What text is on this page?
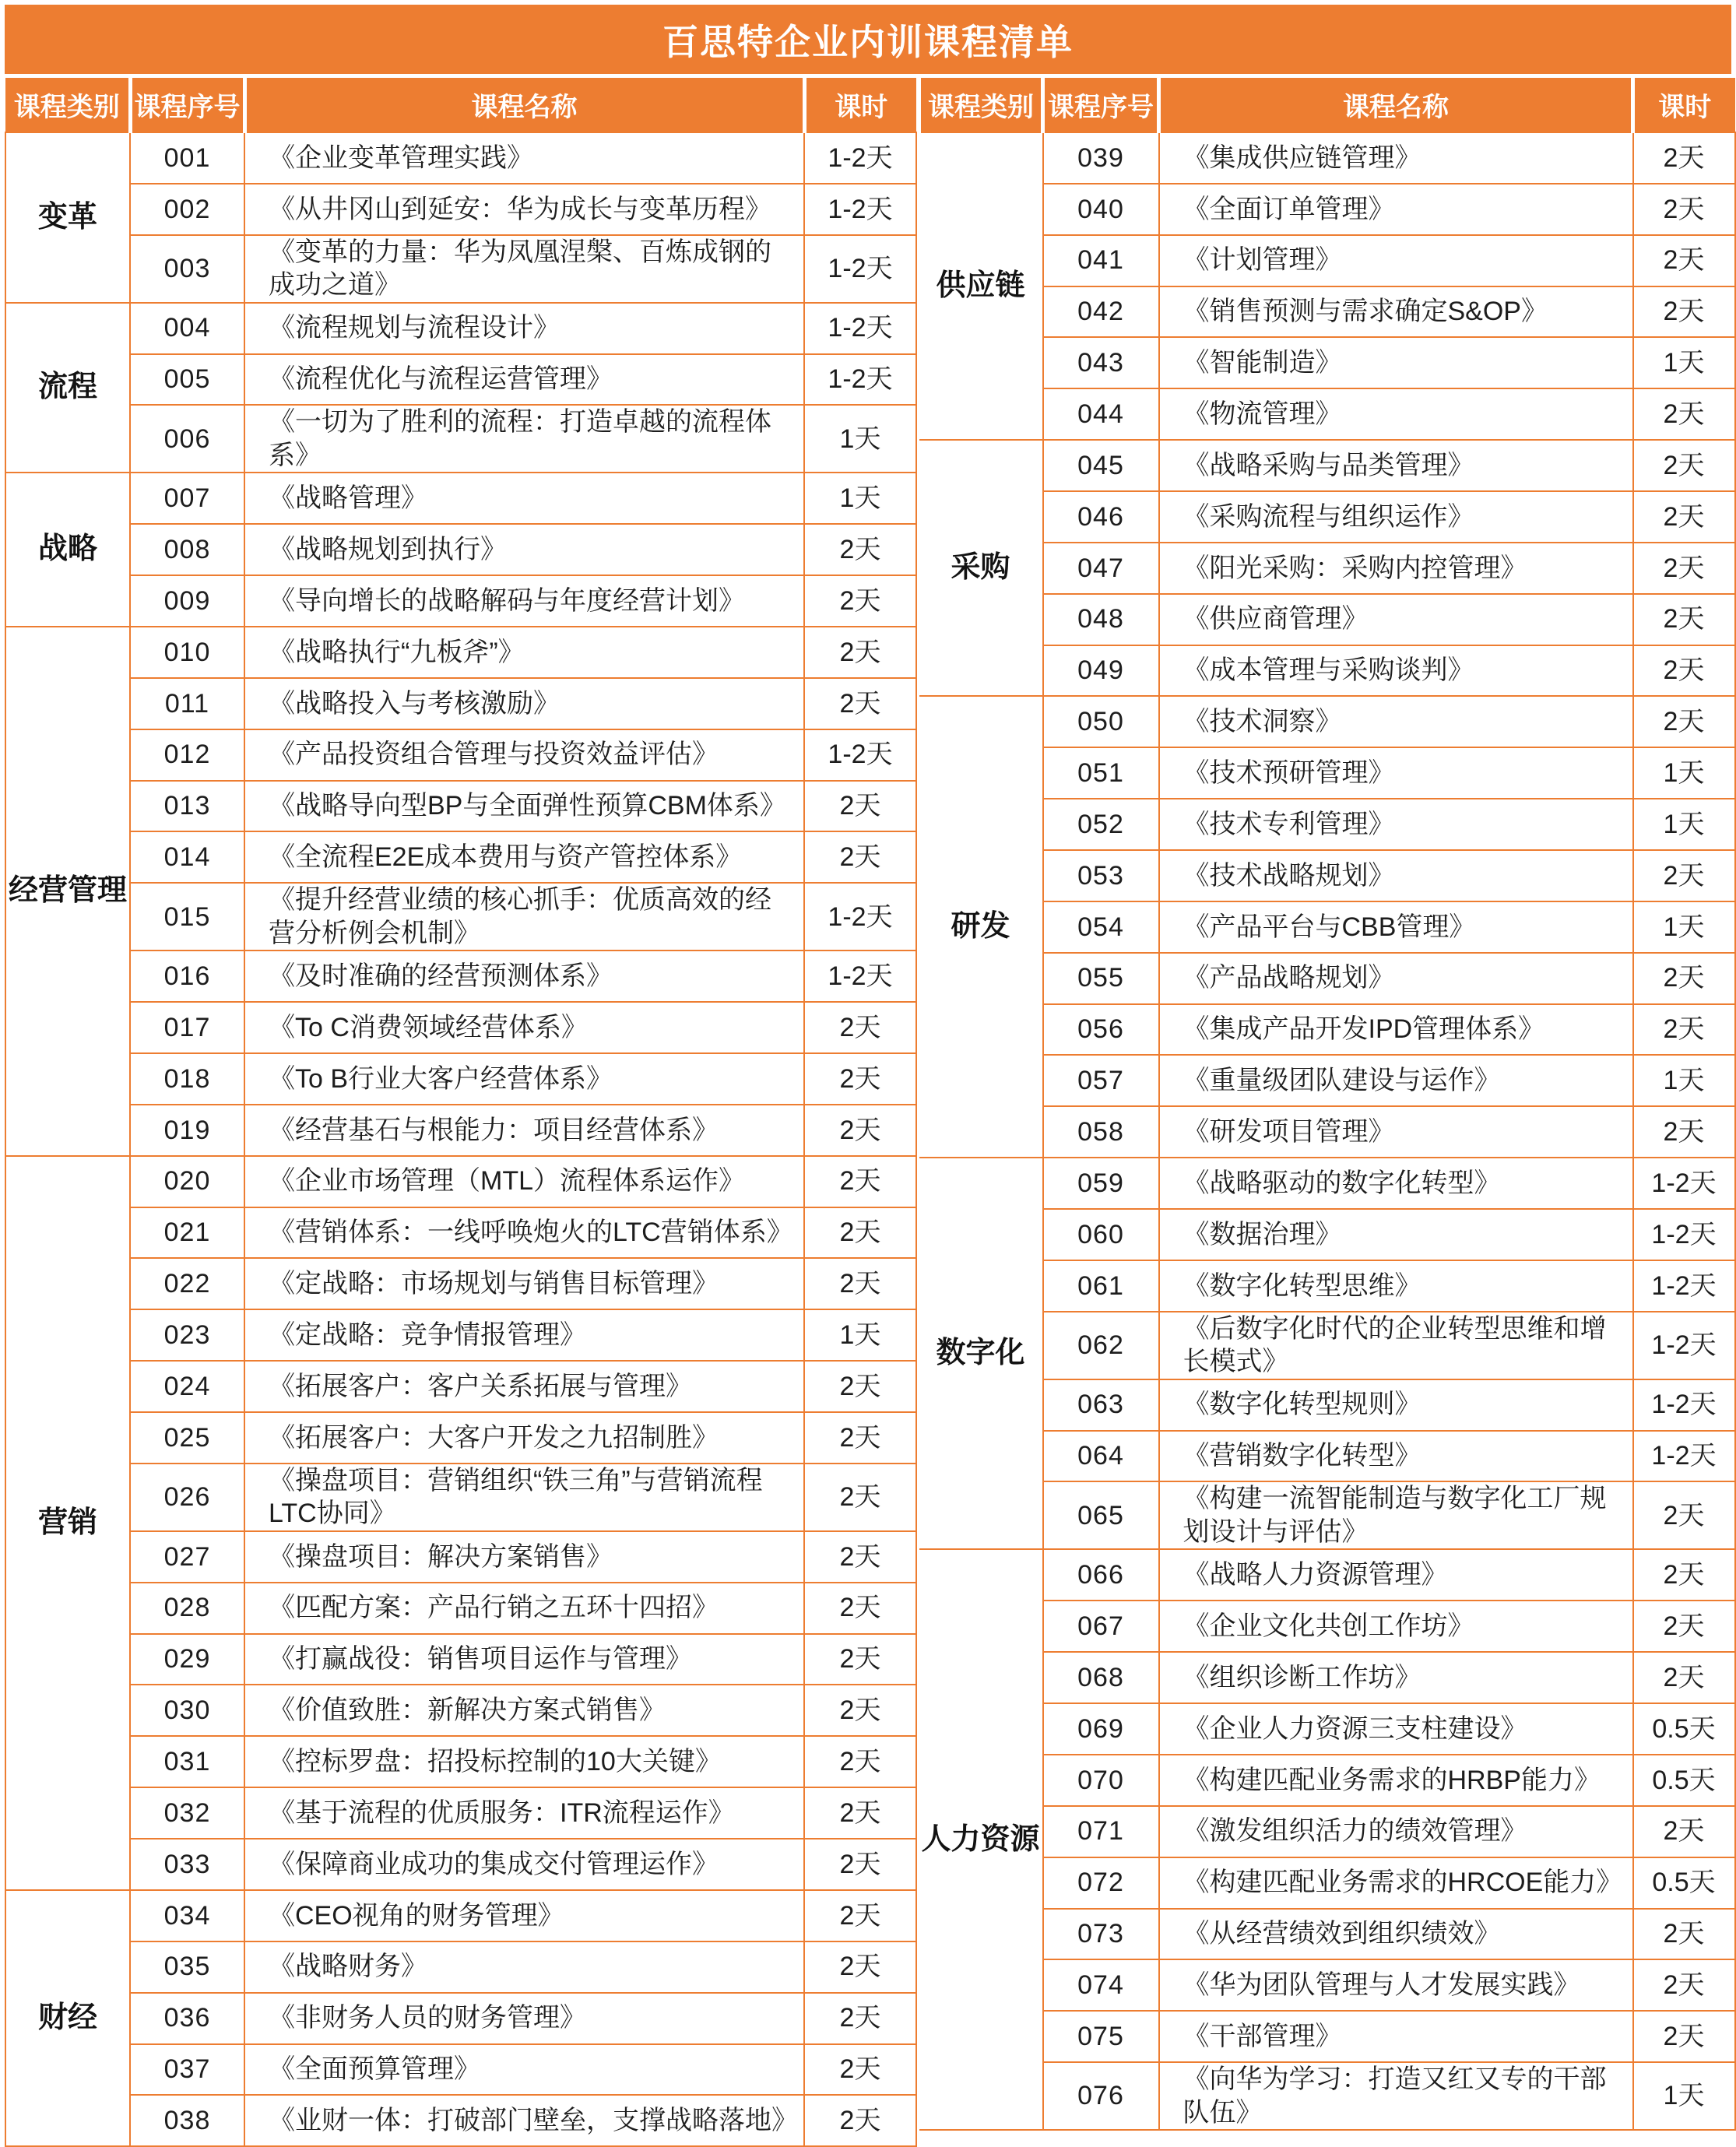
百思特企业内训课程清单
课程类别	课程序号	课程名称	课时
变革	001	《企业变革管理实践》	1-2天
	002	《从井冈山到延安：华为成长与变革历程》	1-2天
	003	《变革的力量：华为凤凰涅槃、百炼成钢的成功之道》	1-2天
流程	004	《流程规划与流程设计》	1-2天
	005	《流程优化与流程运营管理》	1-2天
	006	《一切为了胜利的流程：打造卓越的流程体系》	1天
战略	007	《战略管理》	1天
	008	《战略规划到执行》	2天
	009	《导向增长的战略解码与年度经营计划》	2天
经营管理	010	《战略执行“九板斧”》	2天
	011	《战略投入与考核激励》	2天
	012	《产品投资组合管理与投资效益评估》	1-2天
	013	《战略导向型BP与全面弹性预算CBM体系》	2天
	014	《全流程E2E成本费用与资产管控体系》	2天
	015	《提升经营业绩的核心抓手：优质高效的经营分析例会机制》	1-2天
	016	《及时准确的经营预测体系》	1-2天
	017	《To C消费领域经营体系》	2天
	018	《To B行业大客户经营体系》	2天
	019	《经营基石与根能力：项目经营体系》	2天
营销	020	《企业市场管理（MTL）流程体系运作》	2天
	021	《营销体系：一线呼唤炮火的LTC营销体系》	2天
	022	《定战略：市场规划与销售目标管理》	2天
	023	《定战略：竞争情报管理》	1天
	024	《拓展客户：客户关系拓展与管理》	2天
	025	《拓展客户：大客户开发之九招制胜》	2天
	026	《操盘项目：营销组织“铁三角”与营销流程LTC协同》	2天
	027	《操盘项目：解决方案销售》	2天
	028	《匹配方案：产品行销之五环十四招》	2天
	029	《打赢战役：销售项目运作与管理》	2天
	030	《价值致胜：新解决方案式销售》	2天
	031	《控标罗盘：招投标控制的10大关键》	2天
	032	《基于流程的优质服务：ITR流程运作》	2天
	033	《保障商业成功的集成交付管理运作》	2天
财经	034	《CEO视角的财务管理》	2天
	035	《战略财务》	2天
	036	《非财务人员的财务管理》	2天
	037	《全面预算管理》	2天
	038	《业财一体：打破部门壁垒，支撑战略落地》	2天
课程类别	课程序号	课程名称	课时
供应链	039	《集成供应链管理》	2天
	040	《全面订单管理》	2天
	041	《计划管理》	2天
	042	《销售预测与需求确定S&OP》	2天
	043	《智能制造》	1天
	044	《物流管理》	2天
采购	045	《战略采购与品类管理》	2天
	046	《采购流程与组织运作》	2天
	047	《阳光采购：采购内控管理》	2天
	048	《供应商管理》	2天
	049	《成本管理与采购谈判》	2天
研发	050	《技术洞察》	2天
	051	《技术预研管理》	1天
	052	《技术专利管理》	1天
	053	《技术战略规划》	2天
	054	《产品平台与CBB管理》	1天
	055	《产品战略规划》	2天
	056	《集成产品开发IPD管理体系》	2天
	057	《重量级团队建设与运作》	1天
	058	《研发项目管理》	2天
数字化	059	《战略驱动的数字化转型》	1-2天
	060	《数据治理》	1-2天
	061	《数字化转型思维》	1-2天
	062	《后数字化时代的企业转型思维和增长模式》	1-2天
	063	《数字化转型规则》	1-2天
	064	《营销数字化转型》	1-2天
	065	《构建一流智能制造与数字化工厂规划设计与评估》	2天
人力资源	066	《战略人力资源管理》	2天
	067	《企业文化共创工作坊》	2天
	068	《组织诊断工作坊》	2天
	069	《企业人力资源三支柱建设》	0.5天
	070	《构建匹配业务需求的HRBP能力》	0.5天
	071	《激发组织活力的绩效管理》	2天
	072	《构建匹配业务需求的HRCOE能力》	0.5天
	073	《从经营绩效到组织绩效》	2天
	074	《华为团队管理与人才发展实践》	2天
	075	《干部管理》	2天
	076	《向华为学习：打造又红又专的干部队伍》	1天
